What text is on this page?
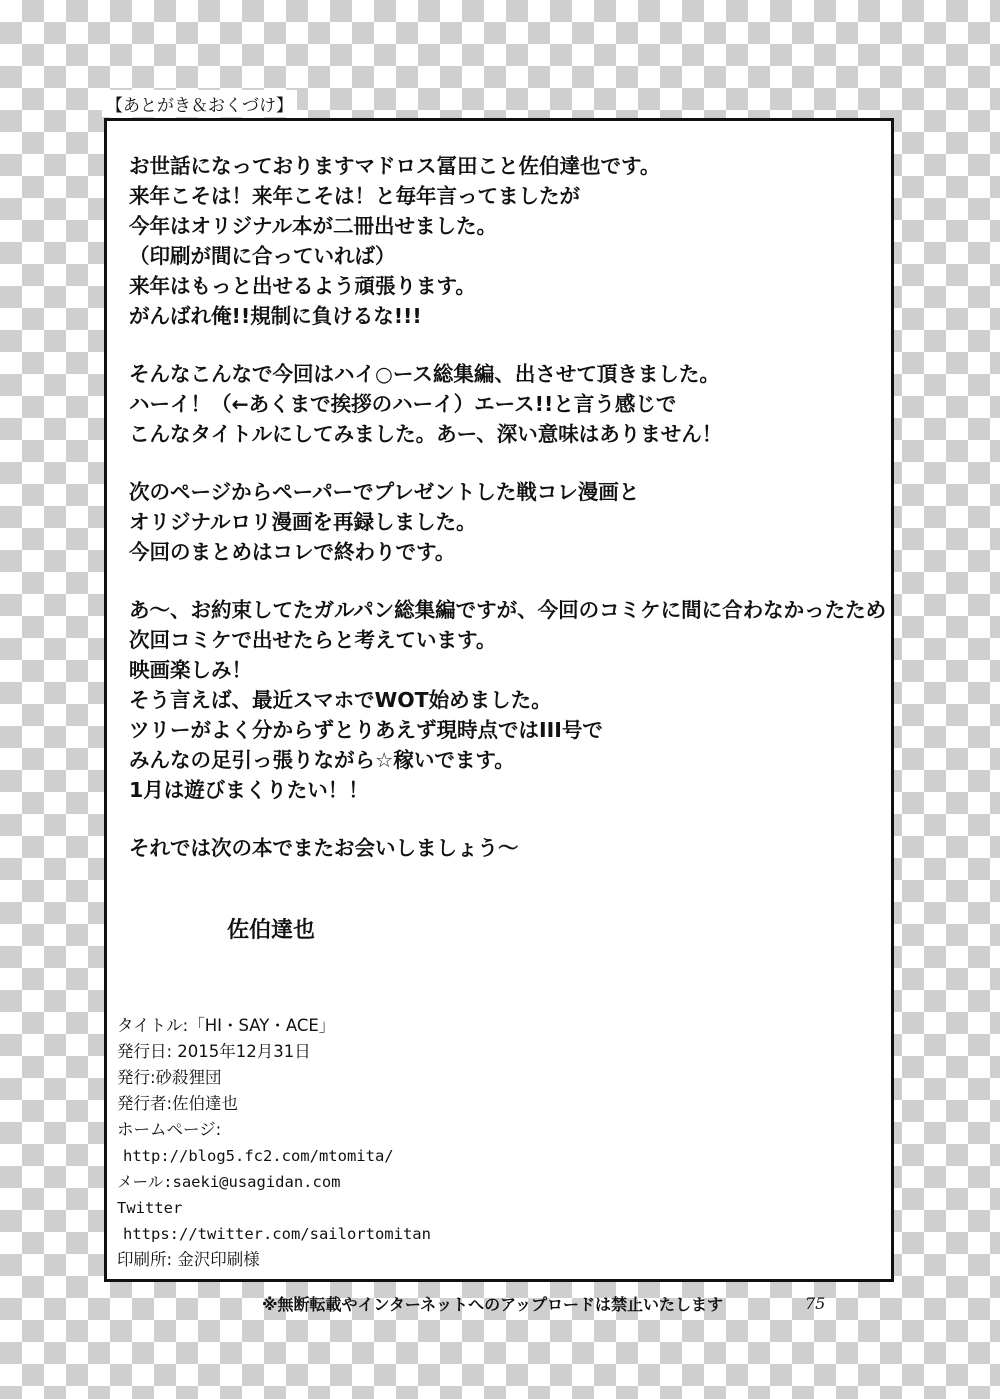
【あとがき＆おくづけ】
お世話になっておりますマドロス冨田こと佐伯達也です。
来年こそは！来年こそは！と毎年言ってましたが
今年はオリジナル本が二冊出せました。
（印刷が間に合っていれば）
来年はもっと出せるよう頑張ります。
がんばれ俺!!規制に負けるな!!!
そんなこんなで今回はハイ○ース総集編、出させて頂きました。
ハーイ！（←あくまで挨拶のハーイ）エース!!と言う感じで
こんなタイトルにしてみました。あー、深い意味はありません！
次のページからペーパーでプレゼントした戦コレ漫画と
オリジナルロリ漫画を再録しました。
今回のまとめはコレで終わりです。
あ～、お約束してたガルパン総集編ですが、今回のコミケに間に合わなかったため
次回コミケで出せたらと考えています。
映画楽しみ！
そう言えば、最近スマホでWOT始めました。
ツリーがよく分からずとりあえず現時点ではIII号で
みんなの足引っ張りながら☆稼いでます。
1月は遊びまくりたい！！
それでは次の本でまたお会いしましょう～
佐伯達也
タイトル:「HI・SAY・ACE」
発行日: 2015年12月31日
発行:砂殺狸団
発行者:佐伯達也
ホームページ:
http://blog5.fc2.com/mtomita/
メール:saeki@usagidan.com
Twitter
https://twitter.com/sailortomitan
印刷所: 金沢印刷様
※無断転載やインターネットへのアップロードは禁止いたします	75
